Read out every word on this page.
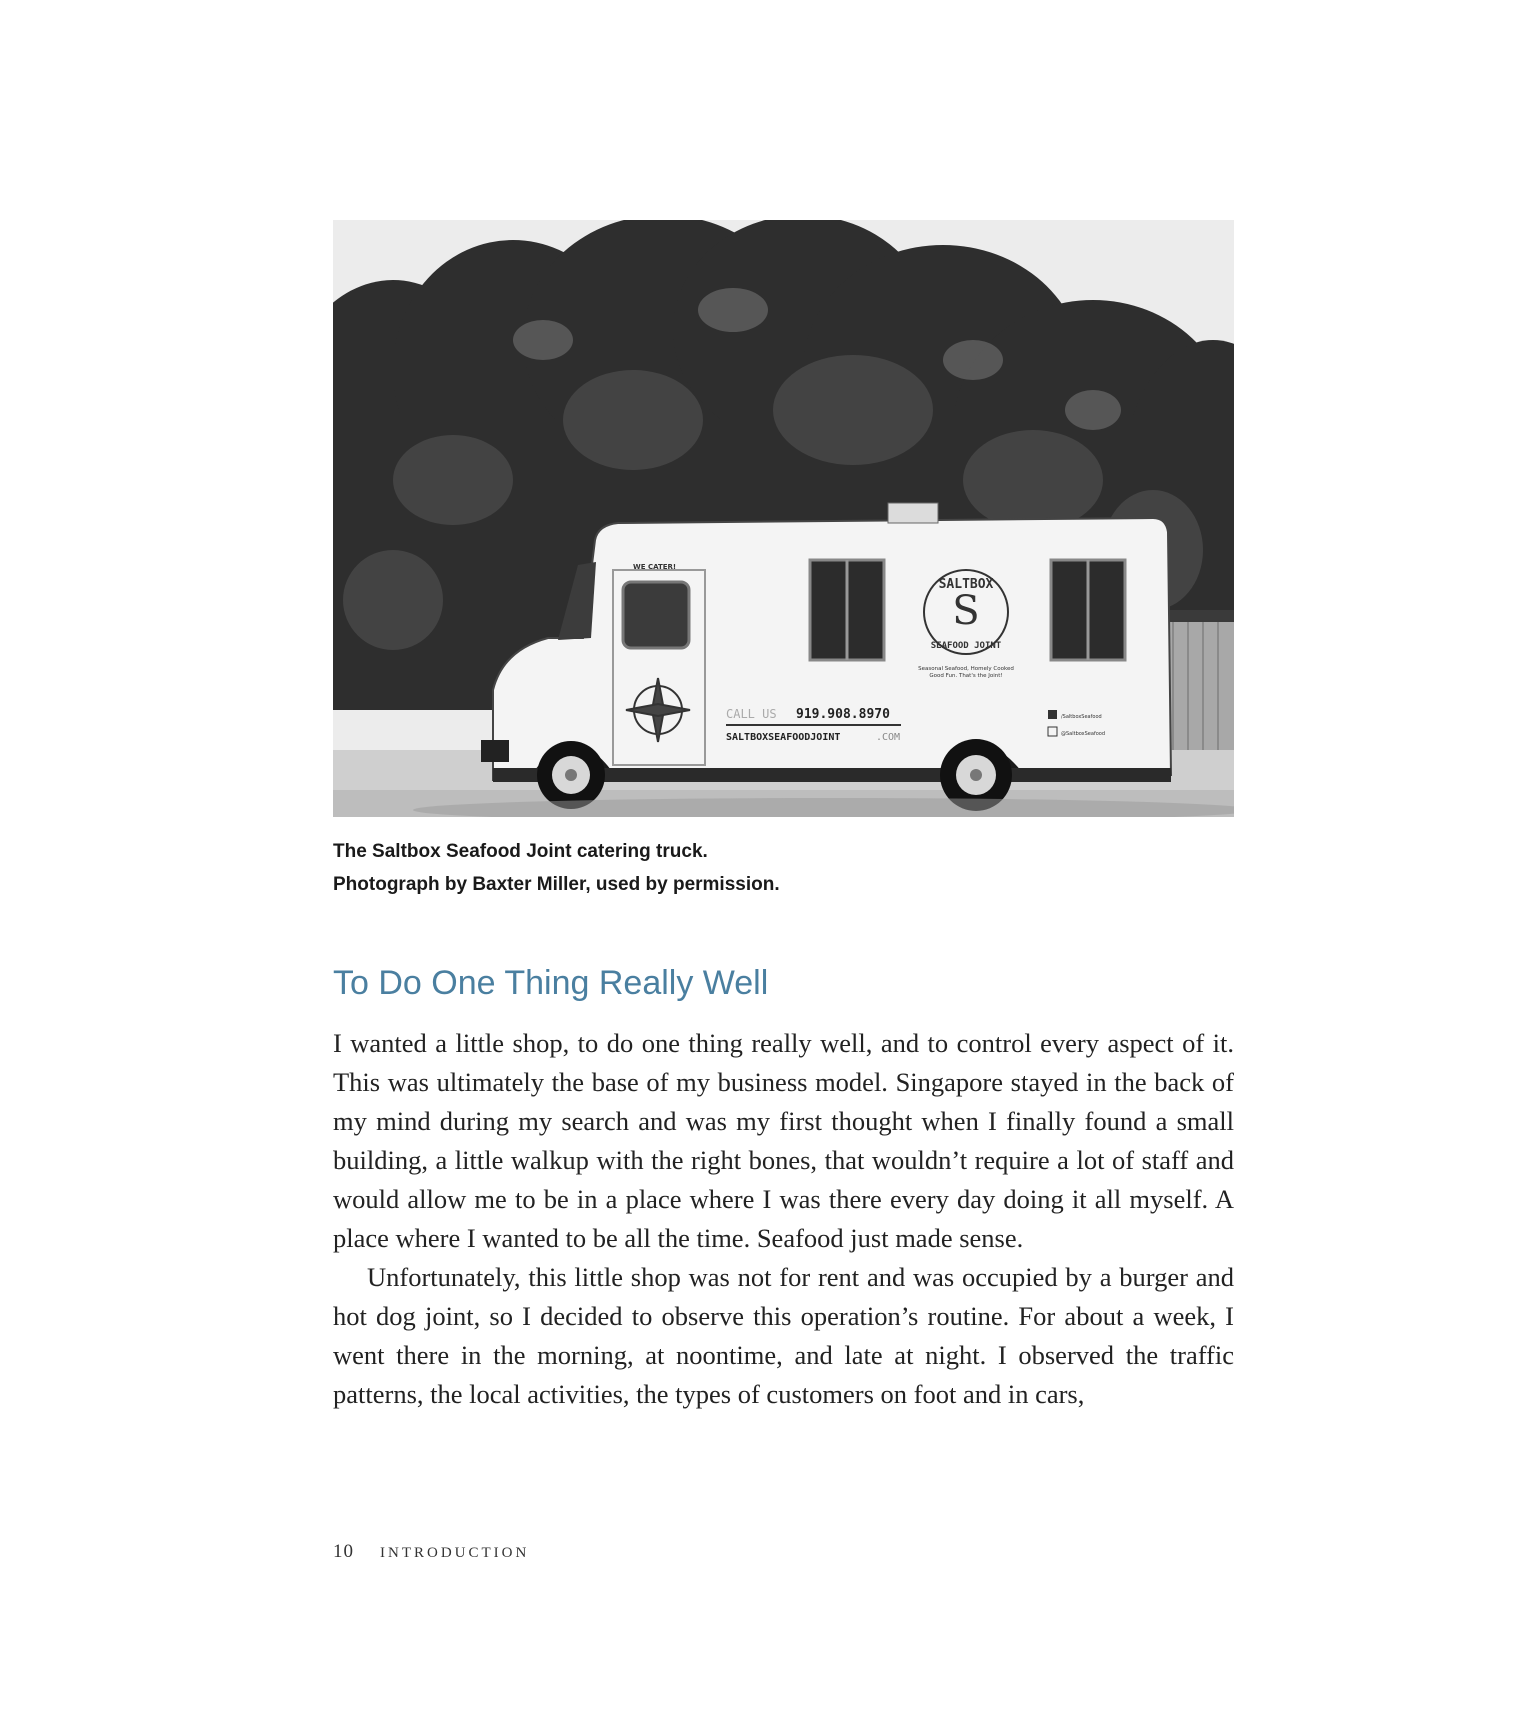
SALTBOX
S
SEAFOOD JOINT
Seasonal Seafood, Homely Cooked
Good Fun. That's the Joint!
WE CATER!
CALL US 919.908.8970
SALTBOXSEAFOODJOINT	.COM
/SaltboxSeafood
@SaltboxSeafood
The Saltbox Seafood Joint catering truck.
Photograph by Baxter Miller, used by permission.
To Do One Thing Really Well

I wanted a little shop, to do one thing really well, and to control every aspect of it. This was ultimately the base of my business model. Singapore stayed in the back of my mind during my search and was my first thought when I finally found a small building, a little walkup with the right bones, that wouldn’t require a lot of staff and would allow me to be in a place where I was there every day doing it all myself. A place where I wanted to be all the time. Seafood just made sense.

Unfortunately, this little shop was not for rent and was occupied by a burger and hot dog joint, so I decided to observe this operation’s routine. For about a week, I went there in the morning, at noontime, and late at night. I observed the traffic patterns, the local activities, the types of customers on foot and in cars,

10 introduction
